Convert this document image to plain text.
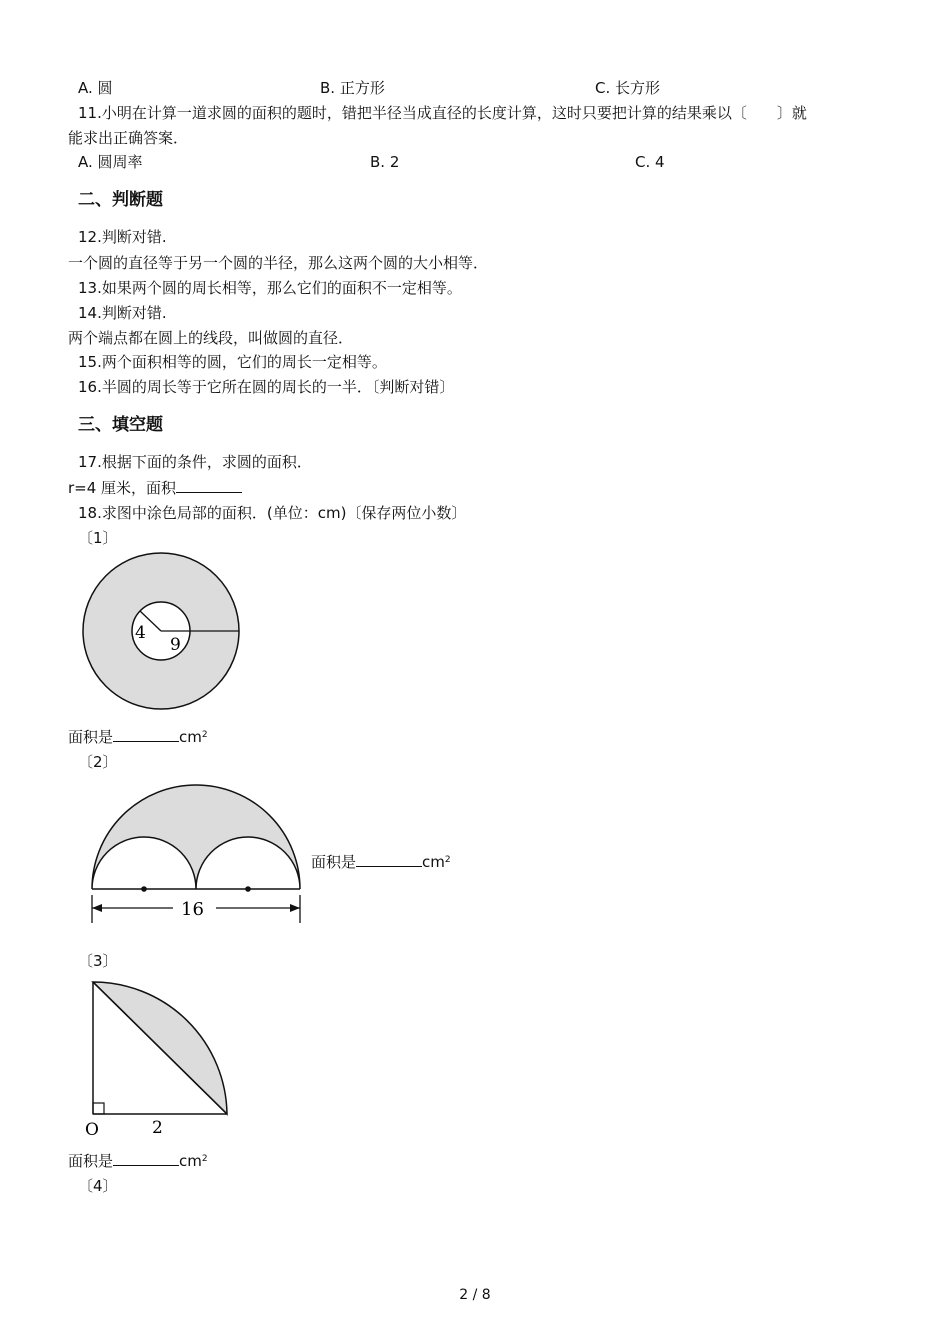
A. 圆	B. 正方形	C. 长方形
11.小明在计算一道求圆的面积的题时，错把半径当成直径的长度计算，这时只要把计算的结果乘以〔　　〕就
能求出正确答案．
A. 圆周率	B. 2	C. 4
二、判断题
12.判断对错.
一个圆的直径等于另一个圆的半径，那么这两个圆的大小相等．
13.如果两个圆的周长相等，那么它们的面积不一定相等。
14.判断对错.
两个端点都在圆上的线段，叫做圆的直径．
15.两个面积相等的圆，它们的周长一定相等。
16.半圆的周长等于它所在圆的周长的一半．〔判断对错〕
三、填空题
17.根据下面的条件，求圆的面积．
r=4 厘米，面积
18.求图中涂色局部的面积．(单位：cm)〔保存两位小数〕
〔1〕
4
9
面积是	$cm^2$
〔2〕
16
面积是	$cm^2$
〔3〕
O	2
面积是	$cm^2$
〔4〕
2 / 8
